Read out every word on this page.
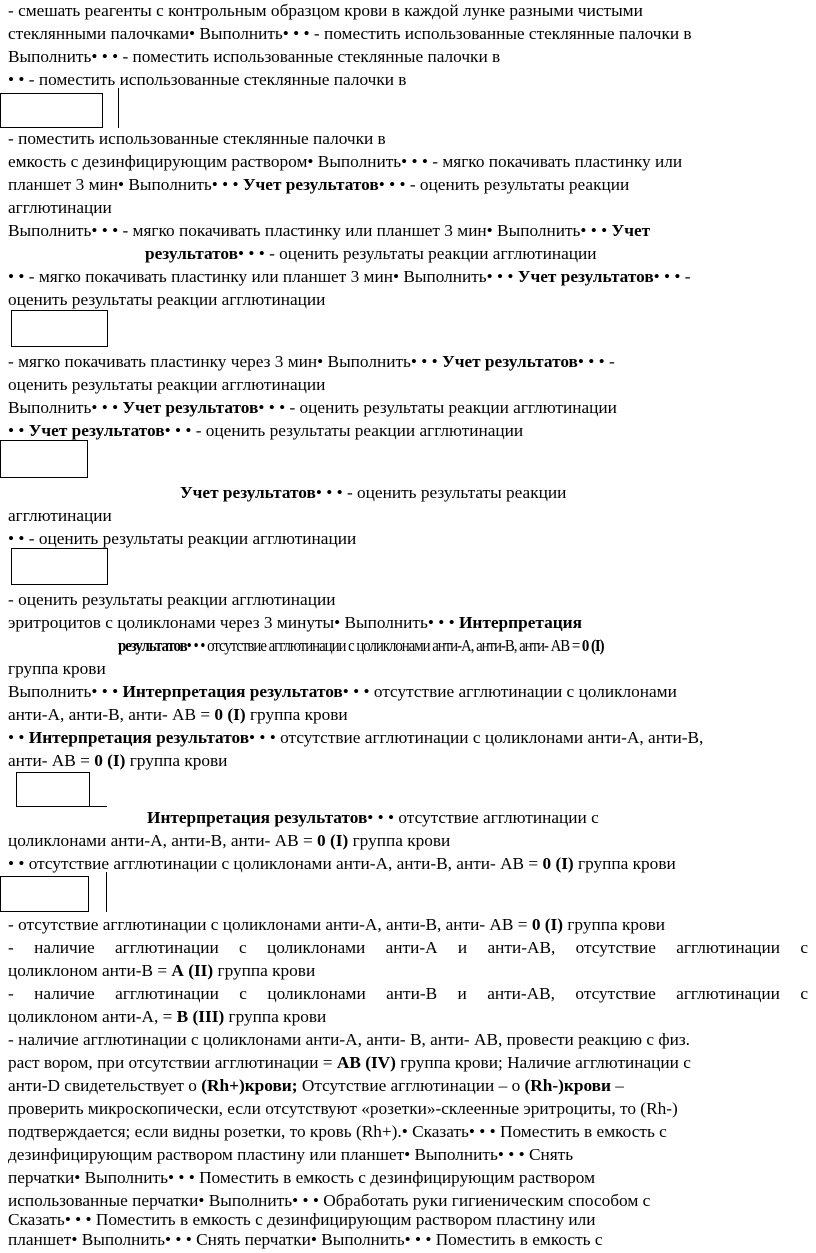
- смешать реагенты с контрольным образцом крови в каждой лунке разными чистыми
стеклянными палочками• Выполнить• • • - поместить использованные стеклянные палочки в
Выполнить• • • - поместить использованные стеклянные палочки в
• • - поместить использованные стеклянные палочки в
- поместить использованные стеклянные палочки в
емкость с дезинфицирующим раствором• Выполнить• • • - мягко покачивать пластинку или
планшет 3 мин• Выполнить• • • Учет результатов• • • - оценить результаты реакции
агглютинации
Выполнить• • • - мягко покачивать пластинку или планшет 3 мин• Выполнить• • • Учет
результатов• • • - оценить результаты реакции агглютинации
• • - мягко покачивать пластинку или планшет 3 мин• Выполнить• • • Учет результатов• • • -
оценить результаты реакции агглютинации
- мягко покачивать пластинку через 3 мин• Выполнить• • • Учет результатов• • • -
оценить результаты реакции агглютинации
Выполнить• • • Учет результатов• • • - оценить результаты реакции агглютинации
• • Учет результатов• • • - оценить результаты реакции агглютинации
Учет результатов• • • - оценить результаты реакции
агглютинации
• • - оценить результаты реакции агглютинации
- оценить результаты реакции агглютинации
эритроцитов с цоликлонами через 3 минуты• Выполнить• • • Интерпретация
результатов• • • отсутствие агглютинации с цоликлонами анти-А, анти-В, анти- АВ = 0 (I)
группа крови
Выполнить• • • Интерпретация результатов• • • отсутствие агглютинации с цоликлонами
анти-А, анти-В, анти- АВ = 0 (I) группа крови
• • Интерпретация результатов• • • отсутствие агглютинации с цоликлонами анти-А, анти-В,
анти- АВ = 0 (I) группа крови
Интерпретация результатов• • • отсутствие агглютинации с
цоликлонами анти-А, анти-В, анти- АВ = 0 (I) группа крови
• • отсутствие агглютинации с цоликлонами анти-А, анти-В, анти- АВ = 0 (I) группа крови
- отсутствие агглютинации с цоликлонами анти-А, анти-В, анти- АВ = 0 (I) группа крови
- наличие агглютинации с цоликлонами анти-А и анти-АВ, отсутствие агглютинации с
цоликлоном анти-В = А (II) группа крови
- наличие агглютинации с цоликлонами анти-В и анти-АВ, отсутствие агглютинации с
цоликлоном анти-А, = В (III) группа крови
- наличие агглютинации с цоликлонами анти-А, анти- В, анти- АВ, провести реакцию с физ.
раст вором, при отсутствии агглютинации = АВ (IV) группа крови; Наличие агглютинации с
анти-D свидетельствует о (Rh+)крови; Отсутствие агглютинации – о (Rh-)крови –
проверить микроскопически, если отсутствуют «розетки»-склеенные эритроциты, то (Rh-)
подтверждается; если видны розетки, то кровь (Rh+).• Сказать• • • Поместить в емкость с
дезинфицирующим раствором пластину или планшет• Выполнить• • • Снять
перчатки• Выполнить• • • Поместить в емкость с дезинфицирующим раствором
использованные перчатки• Выполнить• • • Обработать руки гигиеническим способом с
Сказать• • • Поместить в емкость с дезинфицирующим раствором пластину или
планшет• Выполнить• • • Снять перчатки• Выполнить• • • Поместить в емкость с
